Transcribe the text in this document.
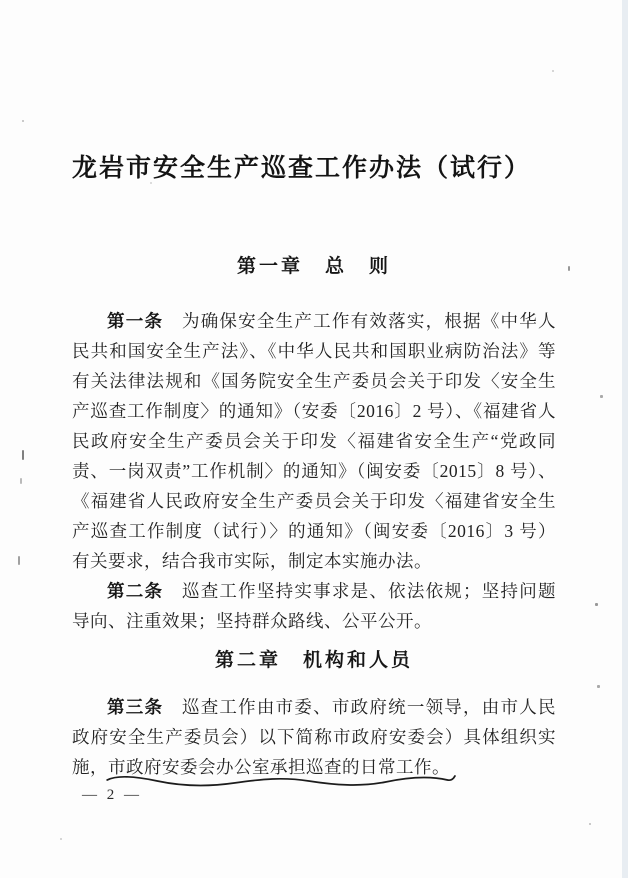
龙岩市安全生产巡查工作办法（试行）
第一章　总　则
第一条　为确保安全生产工作有效落实，根据《中华人
民共和国安全生产法》、《中华人民共和国职业病防治法》等
有关法律法规和《国务院安全生产委员会关于印发〈安全生
产巡查工作制度〉的通知》（安委〔2016〕2 号）、《福建省人
民政府安全生产委员会关于印发〈福建省安全生产“党政同
责、一岗双责”工作机制〉的通知》（闽安委〔2015〕8 号）、
《福建省人民政府安全生产委员会关于印发〈福建省安全生
产巡查工作制度（试行）〉的通知》（闽安委〔2016〕3 号）
有关要求，结合我市实际，制定本实施办法。
第二条　巡查工作坚持实事求是、依法依规；坚持问题
导向、注重效果；坚持群众路线、公平公开。
第二章　机构和人员
第三条　巡查工作由市委、市政府统一领导，由市人民
政府安全生产委员会）以下简称市政府安委会）具体组织实
施，市政府安委会办公室承担巡查的日常工作。
— 2 —
